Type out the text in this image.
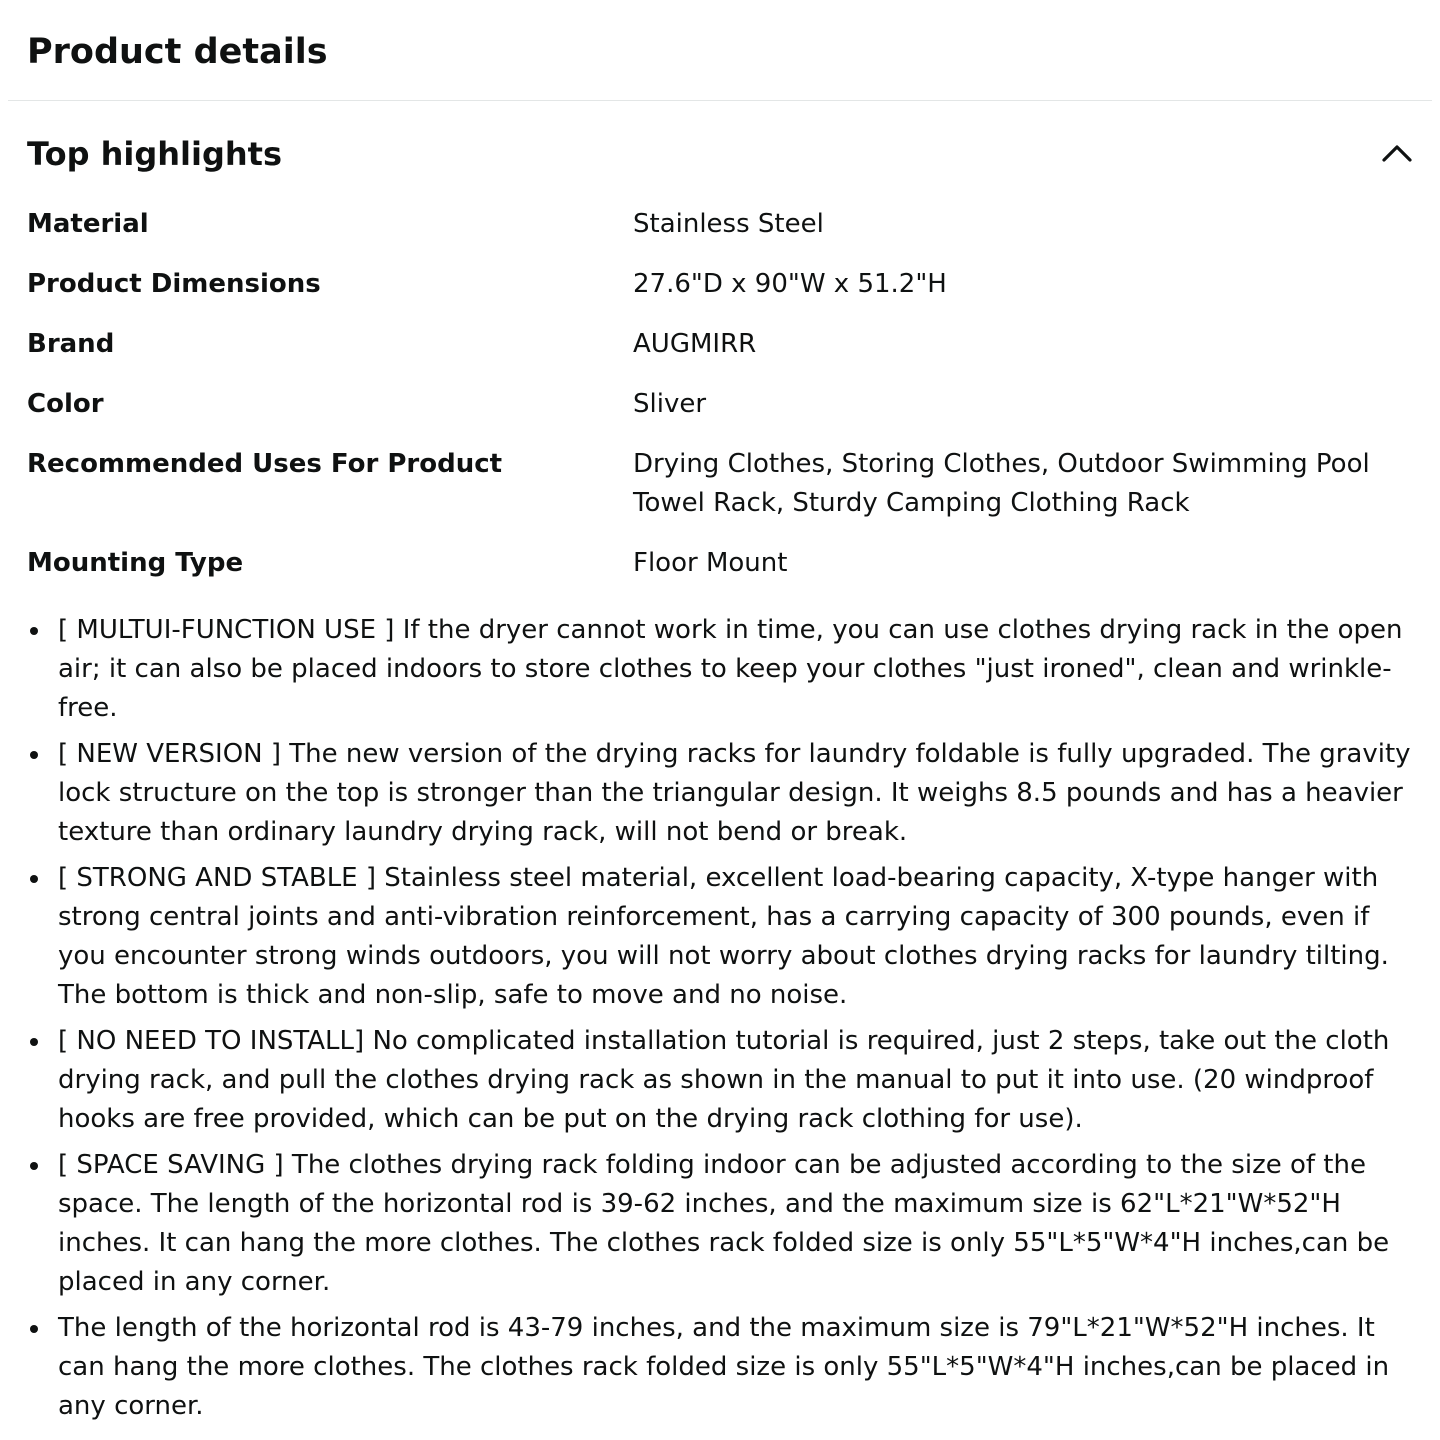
Product details
Top highlights
Material	Stainless Steel
Product Dimensions	27.6"D x 90"W x 51.2"H
Brand	AUGMIRR
Color	Sliver
Recommended Uses For Product	Drying Clothes, Storing Clothes, Outdoor Swimming Pool Towel Rack, Sturdy Camping Clothing Rack
Mounting Type	Floor Mount
[ MULTUI-FUNCTION USE ] If the dryer cannot work in time, you can use clothes drying rack in the open air; it can also be placed indoors to store clothes to keep your clothes "just ironed", clean and wrinkle-free.
[ NEW VERSION ] The new version of the drying racks for laundry foldable is fully upgraded. The gravity lock structure on the top is stronger than the triangular design. It weighs 8.5 pounds and has a heavier texture than ordinary laundry drying rack, will not bend or break.
[ STRONG AND STABLE ] Stainless steel material, excellent load-bearing capacity, X-type hanger with strong central joints and anti-vibration reinforcement, has a carrying capacity of 300 pounds, even if you encounter strong winds outdoors, you will not worry about clothes drying racks for laundry tilting. The bottom is thick and non-slip, safe to move and no noise.
[ NO NEED TO INSTALL] No complicated installation tutorial is required, just 2 steps, take out the cloth drying rack, and pull the clothes drying rack as shown in the manual to put it into use. (20 windproof hooks are free provided, which can be put on the drying rack clothing for use).
[ SPACE SAVING ] The clothes drying rack folding indoor can be adjusted according to the size of the space. The length of the horizontal rod is 39-62 inches, and the maximum size is 62"L*21"W*52"H inches. It can hang the more clothes. The clothes rack folded size is only 55"L*5"W*4"H inches,can be placed in any corner.
The length of the horizontal rod is 43-79 inches, and the maximum size is 79"L*21"W*52"H inches. It can hang the more clothes. The clothes rack folded size is only 55"L*5"W*4"H inches,can be placed in any corner.
